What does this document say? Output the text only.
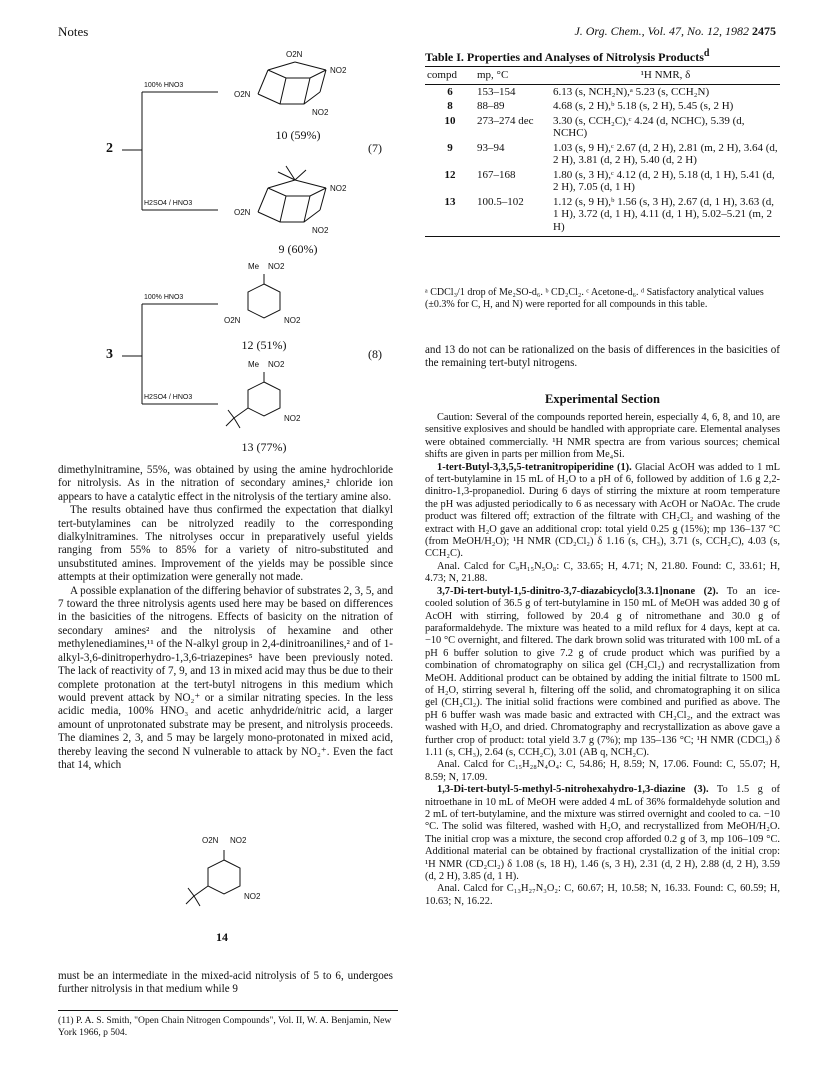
Notes	J. Org. Chem., Vol. 47, No. 12, 1982 2475
2
100% HNO3
H2SO4 / HNO3
O2N
NO2
O2N
NO2
10 (59%)
(7)
NO2
O2N
NO2
9 (60%)
3
100% HNO3
H2SO4 / HNO3
Me NO2
O2N	NO2
12 (51%)
(8)
Me NO2
NO2
13 (77%)

dimethylnitramine, 55%, was obtained by using the amine hydrochloride for nitrolysis. As in the nitration of secondary amines,² chloride ion appears to have a catalytic effect in the nitrolysis of the tertiary amine also.

The results obtained have thus confirmed the expectation that dialkyl tert-butylamines can be nitrolyzed readily to the corresponding dialkylnitramines. The nitrolyses occur in preparatively useful yields ranging from 55% to 85% for a variety of nitro-substituted and unsubstituted amines. Improvement of the yields may be possible since attempts at their optimization were generally not made.

A possible explanation of the differing behavior of substrates 2, 3, 5, and 7 toward the three nitrolysis agents used here may be based on differences in the basicities of the nitrogens. Effects of basicity on the nitration of secondary amines² and the nitrolysis of hexamine and other methylenediamines,¹¹ of the N-alkyl group in 2,4-dinitroanilines,² and of 1-alkyl-3,6-dinitroperhydro-1,3,6-triazepines⁵ have been previously noted. The lack of reactivity of 7, 9, and 13 in mixed acid may thus be due to their complete protonation at the tert-butyl nitrogens in this medium which would prevent attack by NO₂⁺ or a similar nitrating species. In the less acidic media, 100% HNO₃ and acetic anhydride/nitric acid, a larger amount of unprotonated substrate may be present, and nitrolysis proceeds. The diamines 2, 3, and 5 may be largely mono-protonated in mixed acid, thereby leaving the second N vulnerable to attack by NO₂⁺. Even the fact that 14, which

O2N NO2
NO2
14

must be an intermediate in the mixed-acid nitrolysis of 5 to 6, undergoes further nitrolysis in that medium while 9

(11) P. A. S. Smith, "Open Chain Nitrogen Compounds", Vol. II, W. A. Benjamin, New York 1966, p 504.
Table I. Properties and Analyses of Nitrolysis Products$^d$
compd	mp, °C	¹H NMR, δ
6	153–154	6.13 (s, NCH₂N),ᵃ 5.23 (s, CCH₂N)
8	88–89	4.68 (s, 2 H),ᵇ 5.18 (s, 2 H), 5.45 (s, 2 H)
10	273–274 dec	3.30 (s, CCH₂C),ᶜ 4.24 (d, NCHC), 5.39 (d, NCHC)
9	93–94	1.03 (s, 9 H),ᶜ 2.67 (d, 2 H), 2.81 (m, 2 H), 3.64 (d, 2 H), 3.81 (d, 2 H), 5.40 (d, 2 H)
12	167–168	1.80 (s, 3 H),ᶜ 4.12 (d, 2 H), 5.18 (d, 1 H), 5.41 (d, 2 H), 7.05 (d, 1 H)
13	100.5–102	1.12 (s, 9 H),ᵇ 1.56 (s, 3 H), 2.67 (d, 1 H), 3.63 (d, 1 H), 3.72 (d, 1 H), 4.11 (d, 1 H), 5.02–5.21 (m, 2 H)
ᵃ CDCl₃/1 drop of Me₂SO-d₆. ᵇ CD₂Cl₂. ᶜ Acetone-d₆. ᵈ Satisfactory analytical values (±0.3% for C, H, and N) were reported for all compounds in this table.

and 13 do not can be rationalized on the basis of differences in the basicities of the remaining tert-butyl nitrogens.

Experimental Section

Caution: Several of the compounds reported herein, especially 4, 6, 8, and 10, are sensitive explosives and should be handled with appropriate care. Elemental analyses were obtained commercially. ¹H NMR spectra are from various sources; chemical shifts are given in parts per million from Me₄Si.

1-tert-Butyl-3,3,5,5-tetranitropiperidine (1). Glacial AcOH was added to 1 mL of tert-butylamine in 15 mL of H₂O to a pH of 6, followed by addition of 1.6 g 2,2-dinitro-1,3-propanediol. During 6 days of stirring the mixture at room temperature the pH was adjusted periodically to 6 as necessary with AcOH or NaOAc. The crude product was filtered off; extraction of the filtrate with CH₂Cl₂ and washing of the extract with H₂O gave an additional crop: total yield 0.25 g (15%); mp 136–137 °C (from MeOH/H₂O); ¹H NMR (CD₂Cl₂) δ 1.16 (s, CH₃), 3.71 (s, CCH₂C), 4.03 (s, CCH₂C).

Anal. Calcd for C₉H₁₅N₅O₈: C, 33.65; H, 4.71; N, 21.80. Found: C, 33.61; H, 4.73; N, 21.88.

3,7-Di-tert-butyl-1,5-dinitro-3,7-diazabicyclo[3.3.1]nonane (2). To an ice-cooled solution of 36.5 g of tert-butylamine in 150 mL of MeOH was added 30 g of AcOH with stirring, followed by 20.4 g of nitromethane and 30.0 g of paraformaldehyde. The mixture was heated to a mild reflux for 4 days, kept at ca. −10 °C overnight, and filtered. The dark brown solid was triturated with 100 mL of a pH 6 buffer solution to give 7.2 g of crude product which was purified by a combination of chromatography on silica gel (CH₂Cl₂) and recrystallization from MeOH. Additional product can be obtained by adding the initial filtrate to 1500 mL of H₂O, stirring several h, filtering off the solid, and chromatographing it on silica gel (CH₂Cl₂). The initial solid fractions were combined and purified as above. The pH 6 buffer wash was made basic and extracted with CH₂Cl₂, and the extract was washed with H₂O, and dried. Chromatography and recrystallization as above gave a further crop of product: total yield 3.7 g (7%); mp 135–136 °C; ¹H NMR (CDCl₃) δ 1.11 (s, CH₃), 2.64 (s, CCH₂C), 3.01 (AB q, NCH₂C).

Anal. Calcd for C₁₅H₂₈N₄O₄: C, 54.86; H, 8.59; N, 17.06. Found: C, 55.07; H, 8.59; N, 17.09.

1,3-Di-tert-butyl-5-methyl-5-nitrohexahydro-1,3-diazine (3). To 1.5 g of nitroethane in 10 mL of MeOH were added 4 mL of 36% formaldehyde solution and 2 mL of tert-butylamine, and the mixture was stirred overnight and cooled to ca. −10 °C. The solid was filtered, washed with H₂O, and recrystallized from MeOH/H₂O. The initial crop was a mixture, the second crop afforded 0.2 g of 3, mp 106–109 °C. Additional material can be obtained by fractional crystallization of the initial crop: ¹H NMR (CD₂Cl₂) δ 1.08 (s, 18 H), 1.46 (s, 3 H), 2.31 (d, 2 H), 2.88 (d, 2 H), 3.59 (d, 2 H), 3.85 (d, 1 H).

Anal. Calcd for C₁₃H₂₇N₃O₂: C, 60.67; H, 10.58; N, 16.33. Found: C, 60.59; H, 10.63; N, 16.22.
